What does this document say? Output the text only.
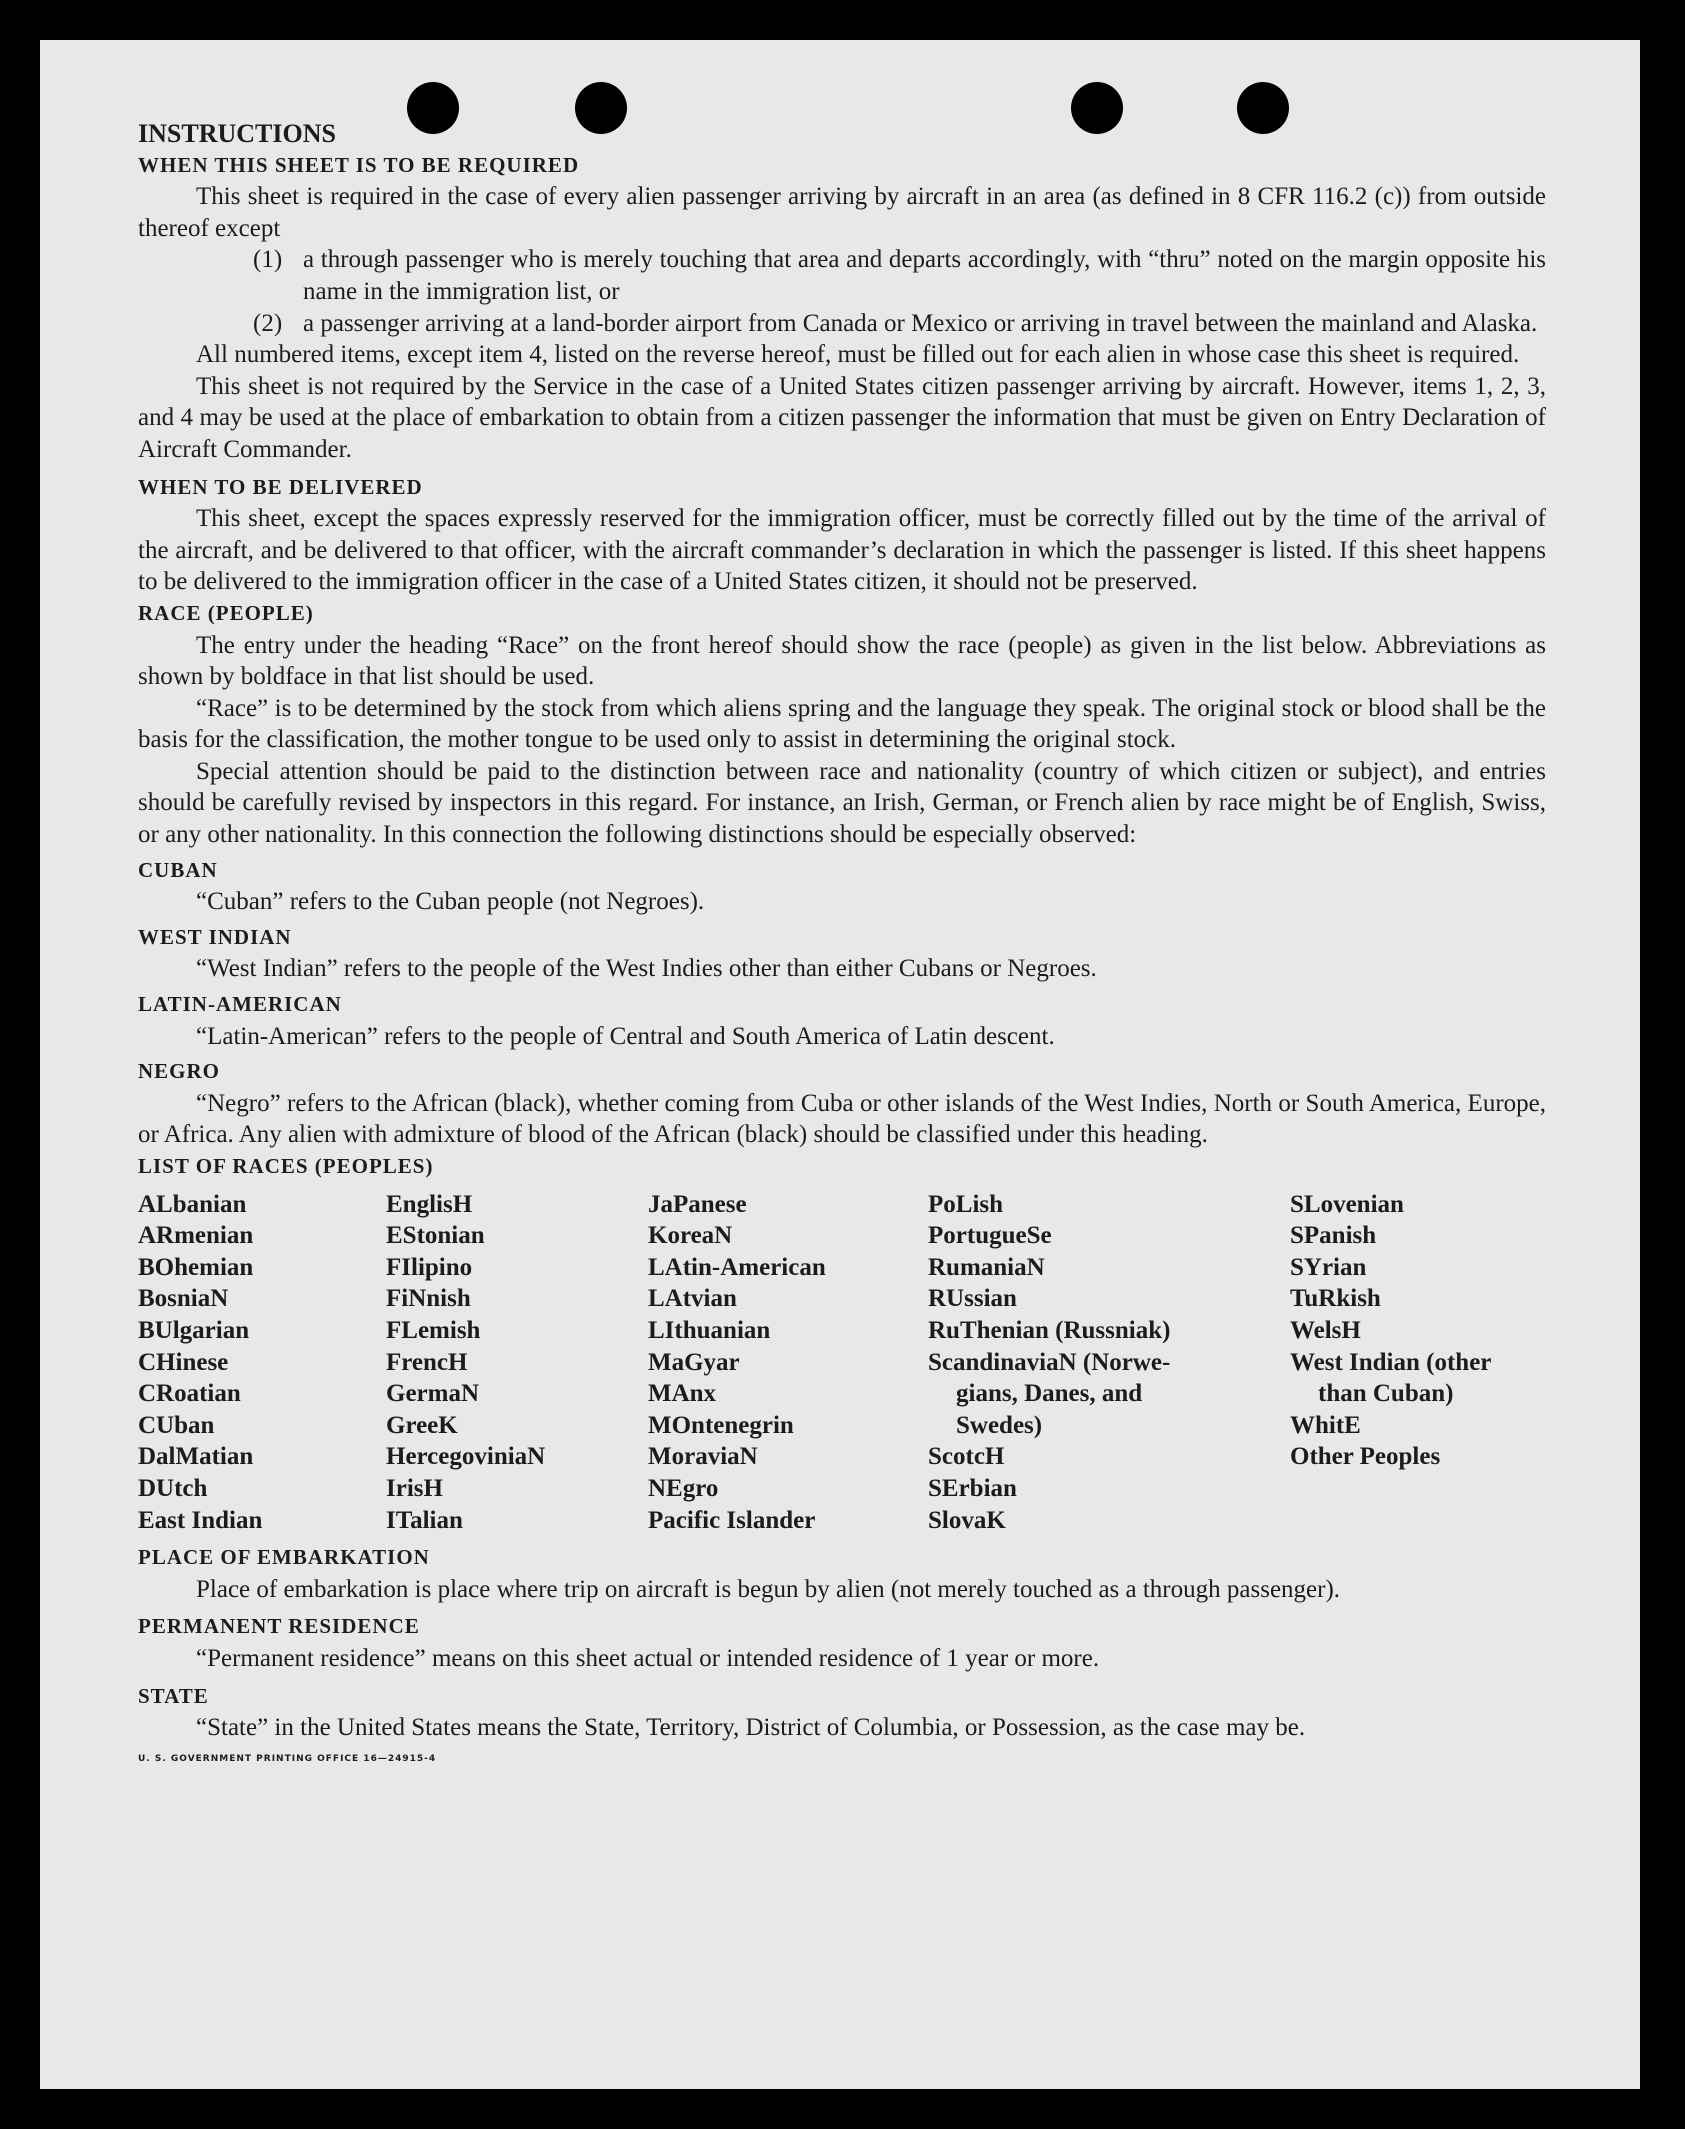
INSTRUCTIONS

WHEN THIS SHEET IS TO BE REQUIRED

This sheet is required in the case of every alien passenger arriving by aircraft in an area (as defined in 8 CFR 116.2 (c)) from outside thereof except

(1) a through passenger who is merely touching that area and departs accordingly, with “thru” noted on the margin opposite his name in the immigration list, or
(2) a passenger arriving at a land-border airport from Canada or Mexico or arriving in travel between the mainland and Alaska.

All numbered items, except item 4, listed on the reverse hereof, must be filled out for each alien in whose case this sheet is required.

This sheet is not required by the Service in the case of a United States citizen passenger arriving by aircraft. However, items 1, 2, 3, and 4 may be used at the place of embarkation to obtain from a citizen passenger the information that must be given on Entry Declaration of Aircraft Commander.

WHEN TO BE DELIVERED

This sheet, except the spaces expressly reserved for the immigration officer, must be correctly filled out by the time of the arrival of the aircraft, and be delivered to that officer, with the aircraft commander’s declaration in which the passenger is listed. If this sheet happens to be delivered to the immigration officer in the case of a United States citizen, it should not be preserved.

RACE (PEOPLE)

The entry under the heading “Race” on the front hereof should show the race (people) as given in the list below. Abbreviations as shown by boldface in that list should be used.

“Race” is to be determined by the stock from which aliens spring and the language they speak. The original stock or blood shall be the basis for the classification, the mother tongue to be used only to assist in determining the original stock.

Special attention should be paid to the distinction between race and nationality (country of which citizen or subject), and entries should be carefully revised by inspectors in this regard. For instance, an Irish, German, or French alien by race might be of English, Swiss, or any other nationality. In this connection the following distinctions should be especially observed:

CUBAN

“Cuban” refers to the Cuban people (not Negroes).

WEST INDIAN

“West Indian” refers to the people of the West Indies other than either Cubans or Negroes.

LATIN-AMERICAN

“Latin-American” refers to the people of Central and South America of Latin descent.

NEGRO

“Negro” refers to the African (black), whether coming from Cuba or other islands of the West Indies, North or South America, Europe, or Africa. Any alien with admixture of blood of the African (black) should be classified under this heading.

LIST OF RACES (PEOPLES)

ALbanian
ARmenian
BOhemian
BosniaN
BUlgarian
CHinese
CRoatian
CUban
DalMatian
DUtch
East Indian
EnglisH
EStonian
FIlipino
FiNnish
FLemish
FrencH
GermaN
GreeK
HercegoviniaN
IrisH
ITalian
JaPanese
KoreaN
LAtin-American
LAtvian
LIthuanian
MaGyar
MAnx
MOntenegrin
MoraviaN
NEgro
Pacific Islander
PoLish
PortugueSe
RumaniaN
RUssian
RuThenian (Russniak)
ScandinaviaN (Norwe-
gians, Danes, and
Swedes)
ScotcH
SErbian
SlovaK
SLovenian
SPanish
SYrian
TuRkish
WelsH
West Indian (other
than Cuban)
WhitE
Other Peoples

PLACE OF EMBARKATION

Place of embarkation is place where trip on aircraft is begun by alien (not merely touched as a through passenger).

PERMANENT RESIDENCE

“Permanent residence” means on this sheet actual or intended residence of 1 year or more.

STATE

“State” in the United States means the State, Territory, District of Columbia, or Possession, as the case may be.

U. S. GOVERNMENT PRINTING OFFICE 16—24915-4
